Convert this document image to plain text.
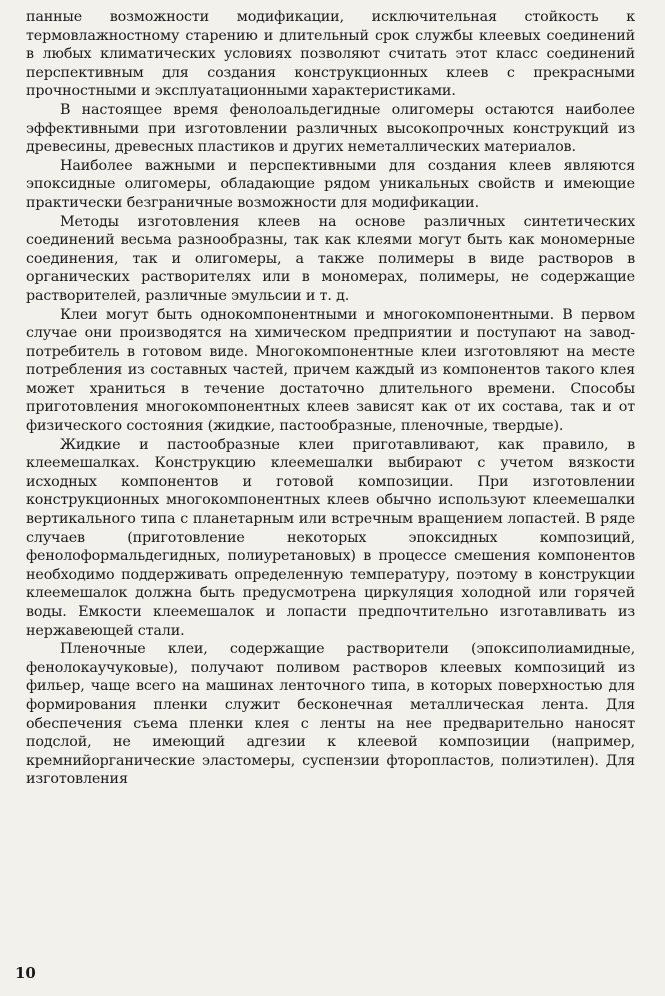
панные возможности модификации, исключительная стойкость к термовлажностному старению и длительный срок службы клеевых соединений в любых климатических условиях позволяют считать этот класс соединений перспективным для создания конструкционных клеев с прекрасными прочностными и эксплуатационными характеристиками.

В настоящее время фенолоальдегидные олигомеры остаются наиболее эффективными при изготовлении различных высокопрочных конструкций из древесины, древесных пластиков и других неметаллических материалов.

Наиболее важными и перспективными для создания клеев являются эпоксидные олигомеры, обладающие рядом уникальных свойств и имеющие практически безграничные возможности для модификации.

Методы изготовления клеев на основе различных синтетических соединений весьма разнообразны, так как клеями могут быть как мономерные соединения, так и олигомеры, а также полимеры в виде растворов в органических растворителях или в мономерах, полимеры, не содержащие растворителей, различные эмульсии и т. д.

Клеи могут быть однокомпонентными и многокомпонентными. В первом случае они производятся на химическом предприятии и поступают на завод-потребитель в готовом виде. Многокомпонентные клеи изготовляют на месте потребления из составных частей, причем каждый из компонентов такого клея может храниться в течение достаточно длительного времени. Способы приготовления многокомпонентных клеев зависят как от их состава, так и от физического состояния (жидкие, пастообразные, пленочные, твердые).

Жидкие и пастообразные клеи приготавливают, как правило, в клеемешалках. Конструкцию клеемешалки выбирают с учетом вязкости исходных компонентов и готовой композиции. При изготовлении конструкционных многокомпонентных клеев обычно используют клеемешалки вертикального типа с планетарным или встречным вращением лопастей. В ряде случаев (приготовление некоторых эпоксидных композиций, фенолоформальдегидных, полиуретановых) в процессе смешения компонентов необходимо поддерживать определенную температуру, поэтому в конструкции клеемешалок должна быть предусмотрена циркуляция холодной или горячей воды. Емкости клеемешалок и лопасти предпочтительно изготавливать из нержавеющей стали.

Пленочные клеи, содержащие растворители (эпоксиполиамидные, фенолокаучуковые), получают поливом растворов клеевых композиций из фильер, чаще всего на машинах ленточного типа, в которых поверхностью для формирования пленки служит бесконечная металлическая лента. Для обеспечения съема пленки клея с ленты на нее предварительно наносят подслой, не имеющий адгезии к клеевой композиции (например, кремнийорганические эластомеры, суспензии фторопластов, полиэтилен). Для изготовления

10
